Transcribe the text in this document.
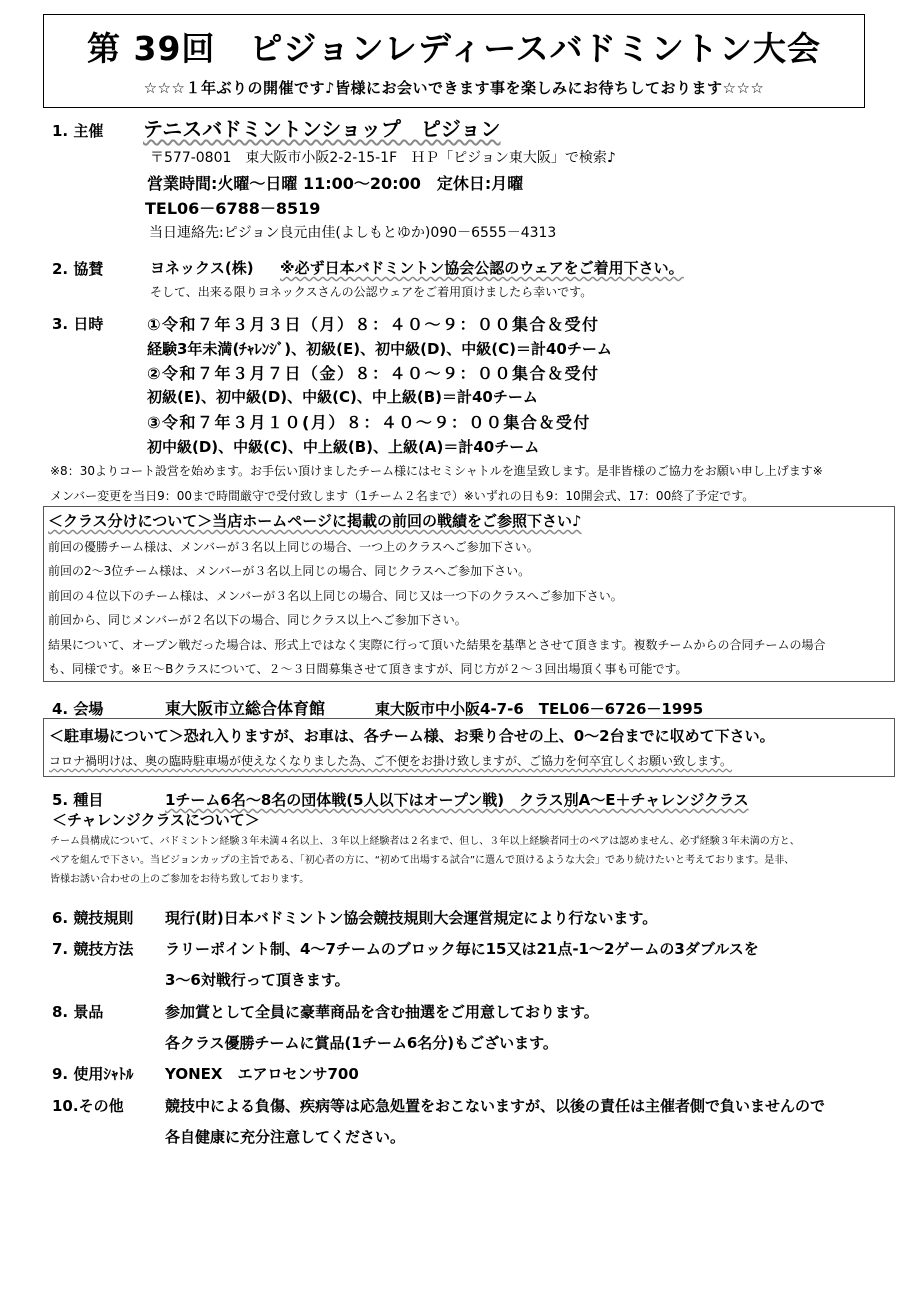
第 39回　ピジョンレディースバドミントン大会
☆☆☆１年ぶりの開催です♪皆様にお会いできます事を楽しみにお待ちしております☆☆☆
1. 主催 テニスバドミントンショップ　ピジョン
〒577-0801　東大阪市小阪2-2-15-1F　ＨＰ「ピジョン東大阪」で検索♪
営業時間:火曜～日曜 11:00～20:00　定休日:月曜
TEL06－6788－8519
当日連絡先:ピジョン良元由佳(よしもとゆか)090－6555－4313
2. 協賛	ヨネックス(株) ※必ず日本バドミントン協会公認のウェアをご着用下さい。
そして、出来る限りヨネックスさんの公認ウェアをご着用頂けましたら幸いです。
3. 日時	①令和７年３月３日（月）８：４０～９：００集合＆受付
経験3年未満(ﾁｬﾚﾝｼﾞ)、初級(E)、初中級(D)、中級(C)＝計40チーム
②令和７年３月７日（金）８：４０～９：００集合＆受付
初級(E)、初中級(D)、中級(C)、中上級(B)＝計40チーム
③令和７年３月１０(月）８：４０～９：００集合＆受付
初中級(D)、中級(C)、中上級(B)、上級(A)＝計40チーム
※8：30よりコート設営を始めます。お手伝い頂けましたチーム様にはセミシャトルを進呈致します。是非皆様のご協力をお願い申し上げます※
メンバー変更を当日9：00まで時間厳守で受付致します（1チーム２名まで）※いずれの日も9：10開会式、17：00終了予定です。
＜クラス分けについて＞当店ホームページに掲載の前回の戦績をご参照下さい♪
前回の優勝チーム様は、メンバーが３名以上同じの場合、一つ上のクラスへご参加下さい。
前回の2～3位チーム様は、メンバーが３名以上同じの場合、同じクラスへご参加下さい。
前回の４位以下のチーム様は、メンバーが３名以上同じの場合、同じ又は一つ下のクラスへご参加下さい。
前回から、同じメンバーが２名以下の場合、同じクラス以上へご参加下さい。
結果について、オープン戦だった場合は、形式上ではなく実際に行って頂いた結果を基準とさせて頂きます。複数チームからの合同チームの場合
も、同様です。※Ｅ～Bクラスについて、２～３日間募集させて頂きますが、同じ方が２～３回出場頂く事も可能です。
4. 会場	東大阪市立総合体育館	東大阪市中小阪4-7-6　TEL06－6726－1995
＜駐車場について＞恐れ入りますが、お車は、各チーム様、お乗り合せの上、0～2台までに収めて下さい。
コロナ禍明けは、奥の臨時駐車場が使えなくなりました為、ご不便をお掛け致しますが、ご協力を何卒宜しくお願い致します。
5. 種目	1チーム6名～8名の団体戦(5人以下はオープン戦)　クラス別A～E＋チャレンジクラス
＜チャレンジクラスについて＞
チーム員構成について、バドミントン経験３年未満４名以上、３年以上経験者は２名まで、但し、３年以上経験者同士のペアは認めません、必ず経験３年未満の方と、
ペアを組んで下さい。当ピジョンカップの主旨である、「初心者の方に、“初めて出場する試合”に選んで頂けるような大会」であり続けたいと考えております。是非、
皆様お誘い合わせの上のご参加をお待ち致しております。
6. 競技規則 現行(財)日本バドミントン協会競技規則大会運営規定により行ないます。
7. 競技方法 ラリーポイント制、4～7チームのブロック毎に15又は21点-1～2ゲームの3ダブルスを
3～6対戦行って頂きます。
8. 景品	参加賞として全員に豪華商品を含む抽選をご用意しております。
各クラス優勝チームに賞品(1チーム6名分)もございます。
9. 使用ｼｬﾄﾙ YONEX　エアロセンサ700
10.その他	競技中による負傷、疾病等は応急処置をおこないますが、以後の責任は主催者側で負いませんので
各自健康に充分注意してください。
